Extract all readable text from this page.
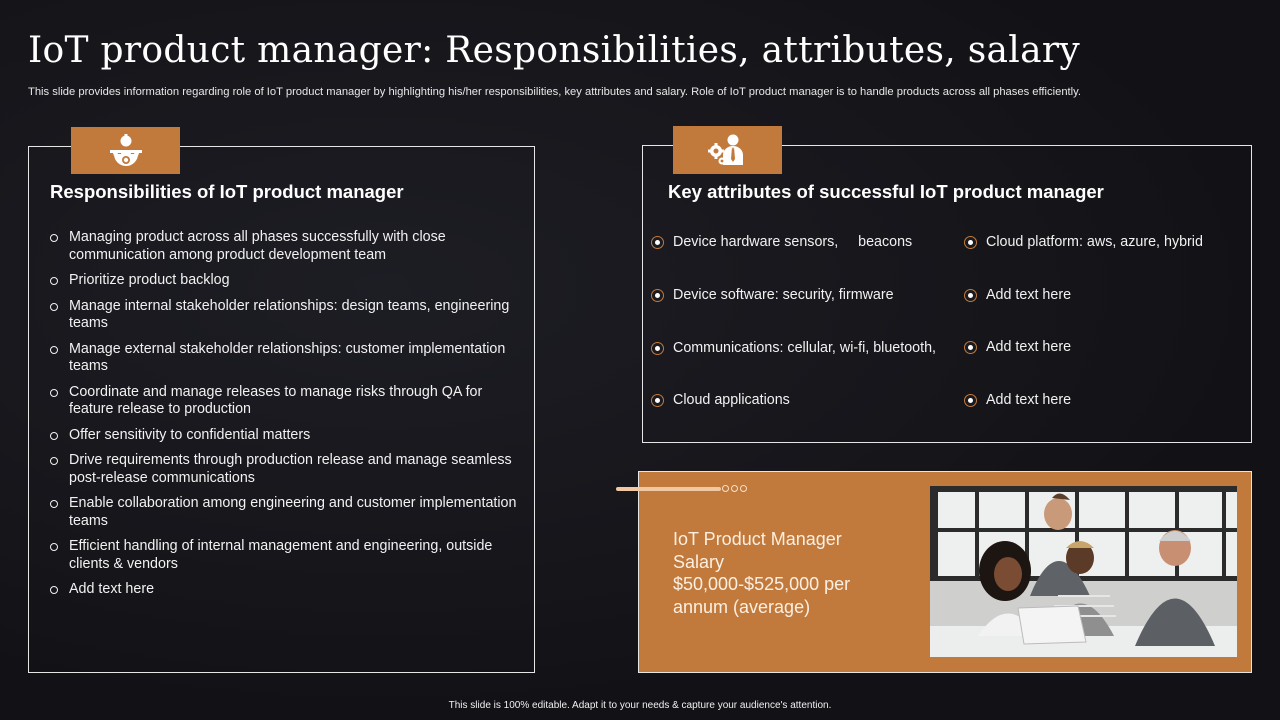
IoT product manager: Responsibilities, attributes, salary

This slide provides information regarding role of IoT product manager by highlighting his/her responsibilities, key attributes and salary. Role of IoT product manager is to handle products across all phases efficiently.

Responsibilities of IoT product manager
Managing product across all phases successfully with close communication among product development team
Prioritize product backlog
Manage internal stakeholder relationships: design teams, engineering teams
Manage external stakeholder relationships: customer implementation teams
Coordinate and manage releases to manage risks through QA for feature release to production
Offer sensitivity to confidential matters
Drive requirements through production release and manage seamless post-release communications
Enable collaboration among engineering and customer implementation teams
Efficient handling of internal management and engineering, outside clients & vendors
Add text here
Key attributes of successful IoT product manager
Device hardware sensors,     beacons
Device software: security, firmware
Communications: cellular, wi-fi, bluetooth,
Cloud applications
Cloud platform: aws, azure, hybrid
Add text here
Add text here
Add text here
IoT Product Manager
Salary
$50,000-$525,000 per
annum (average)
This slide is 100% editable. Adapt it to your needs & capture your audience's attention.
